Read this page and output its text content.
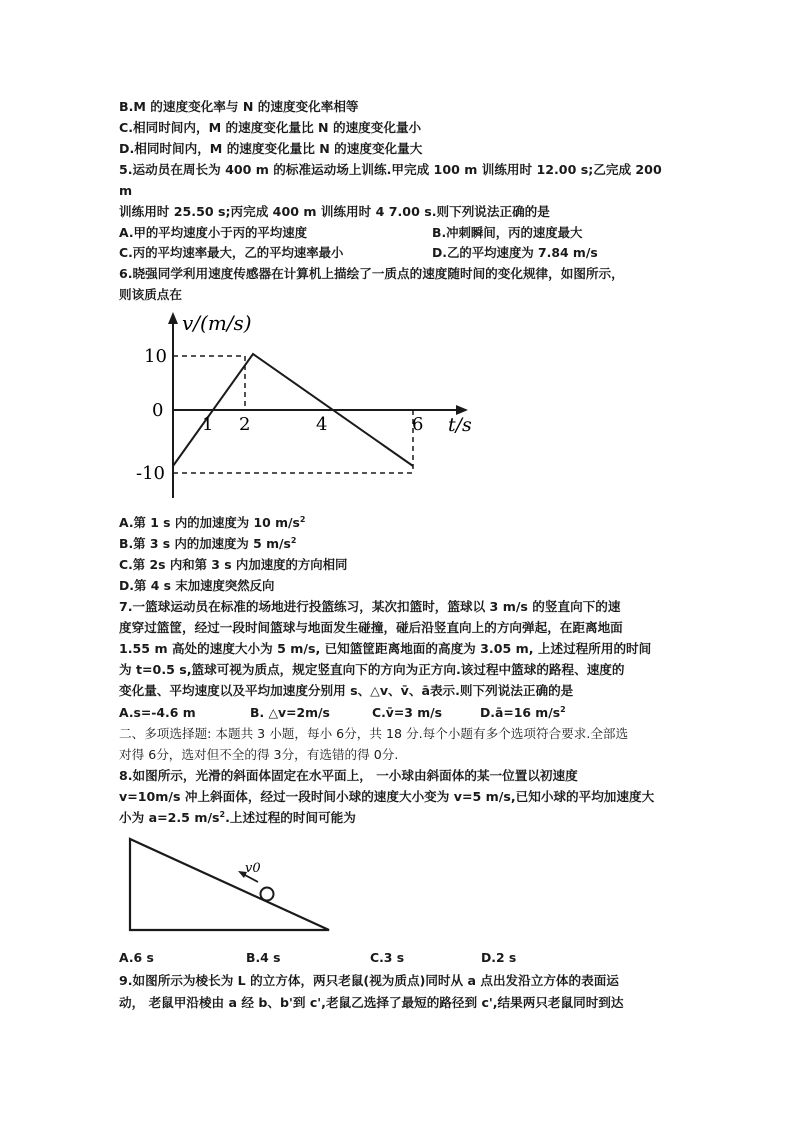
B.M 的速度变化率与 N 的速度变化率相等
C.相同时间内，M 的速度变化量比 N 的速度变化量小
D.相同时间内，M 的速度变化量比 N 的速度变化量大
5.运动员在周长为 400 m 的标准运动场上训练.甲完成 100 m 训练用时 12.00 s;乙完成 200
m
训练用时 25.50 s;丙完成 400 m 训练用时 4 7.00 s.则下列说法正确的是
A.甲的平均速度小于丙的平均速度	B.冲刺瞬间，丙的速度最大
C.丙的平均速率最大，乙的平均速率最小	D.乙的平均速度为 7.84 m/s
6.晓强同学利用速度传感器在计算机上描绘了一质点的速度随时间的变化规律，如图所示，
则该质点在
v/(m/s)
t/s
10
0
-10
1 2	4	6
A.第 1 s 内的加速度为 10 $m/s^2$
B.第 3 s 内的加速度为 5 $m/s^2$
C.第 2s 内和第 3 s 内加速度的方向相同
D.第 4 s 末加速度突然反向
7.一篮球运动员在标准的场地进行投篮练习，某次扣篮时，篮球以 3 m/s 的竖直向下的速
度穿过篮筐，经过一段时间篮球与地面发生碰撞，碰后沿竖直向上的方向弹起，在距离地面
1.55 m 高处的速度大小为 5 m/s, 已知篮筐距离地面的高度为 3.05 m, 上述过程所用的时间
为 t=0.5 s,篮球可视为质点，规定竖直向下的方向为正方向.该过程中篮球的路程、速度的
变化量、平均速度以及平均加速度分别用 s、△v、v̄、ā表示.则下列说法正确的是
A.s=-4.6 m	B. △v=2m/s	C.v̄=3 m/s	D.ā=16 $m/s^2$
二、多项选择题: 本题共 3 小题，每小 6分，共 18 分.每个小题有多个选项符合要求.全部选
对得 6分，选对但不全的得 3分，有选错的得 0分.
8.如图所示，光滑的斜面体固定在水平面上， 一小球由斜面体的某一位置以初速度
v=10m/s 冲上斜面体，经过一段时间小球的速度大小变为 v=5 m/s,已知小球的平均加速度大
小为 a=2.5 $m/s^2$.上述过程的时间可能为
v0
A.6 s	B.4 s	C.3 s	D.2 s
9.如图所示为棱长为 L 的立方体，两只老鼠(视为质点)同时从 a 点出发沿立方体的表面运
动， 老鼠甲沿棱由 a 经 b、b'到 c',老鼠乙选择了最短的路径到 c',结果两只老鼠同时到达
